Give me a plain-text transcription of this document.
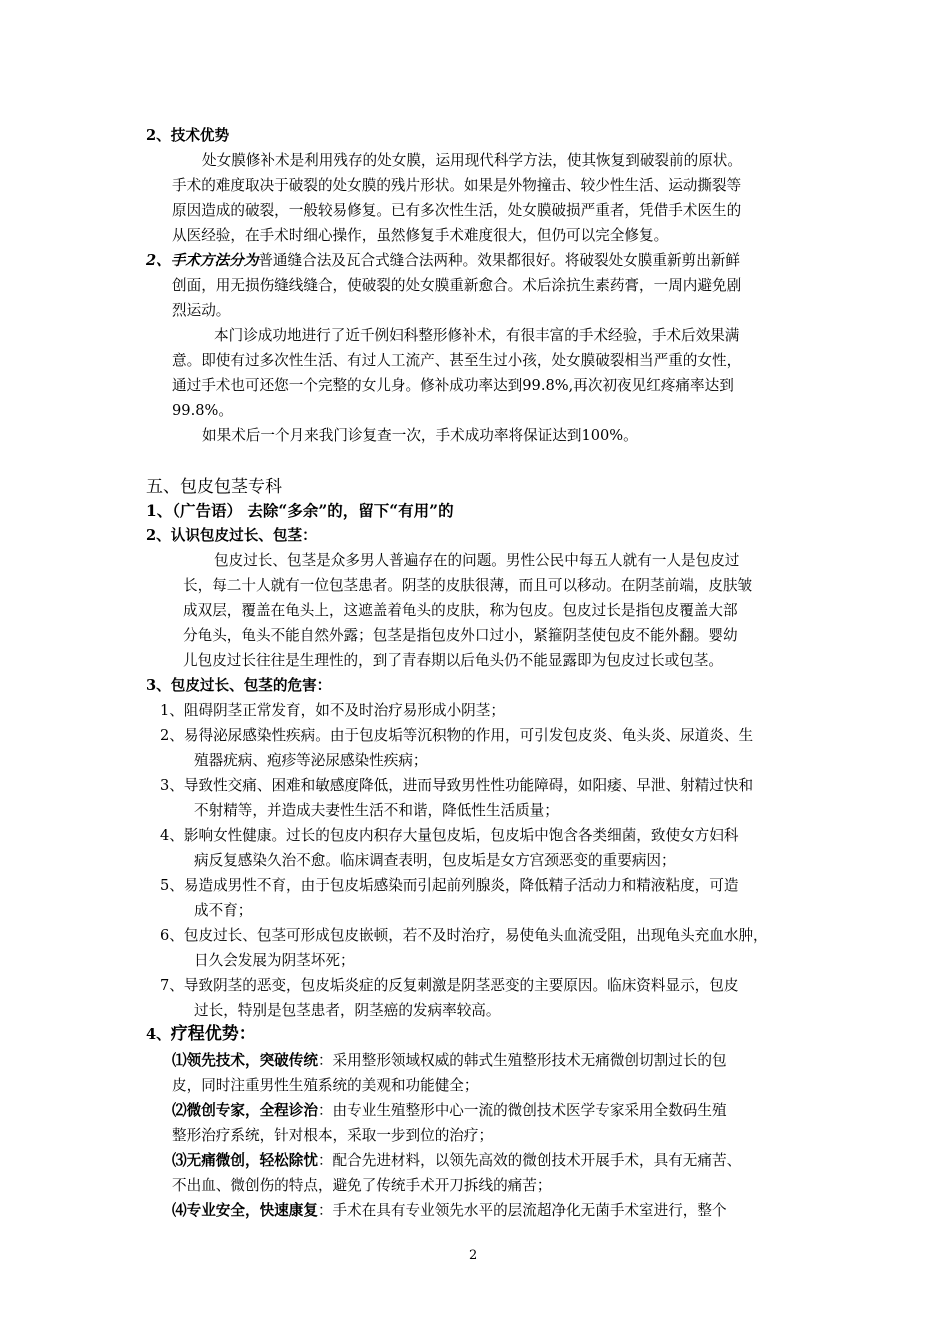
2、技术优势
处女膜修补术是利用残存的处女膜，运用现代科学方法，使其恢复到破裂前的原状。
手术的难度取决于破裂的处女膜的残片形状。如果是外物撞击、较少性生活、运动撕裂等
原因造成的破裂，一般较易修复。已有多次性生活，处女膜破损严重者，凭借手术医生的
从医经验，在手术时细心操作，虽然修复手术难度很大，但仍可以完全修复。
2、手术方法分为普通缝合法及瓦合式缝合法两种。效果都很好。将破裂处女膜重新剪出新鲜
创面，用无损伤缝线缝合，使破裂的处女膜重新愈合。术后涂抗生素药膏，一周内避免剧
烈运动。
本门诊成功地进行了近千例妇科整形修补术，有很丰富的手术经验，手术后效果满
意。即使有过多次性生活、有过人工流产、甚至生过小孩，处女膜破裂相当严重的女性，
通过手术也可还您一个完整的女儿身。修补成功率达到99.8%,再次初夜见红疼痛率达到
99.8%。
如果术后一个月来我门诊复查一次，手术成功率将保证达到100%。
五、包皮包茎专科
1、（广告语） 去除“多余”的，留下“有用”的
2、认识包皮过长、包茎：
包皮过长、包茎是众多男人普遍存在的问题。男性公民中每五人就有一人是包皮过
长，每二十人就有一位包茎患者。阴茎的皮肤很薄，而且可以移动。在阴茎前端，皮肤皱
成双层，覆盖在龟头上，这遮盖着龟头的皮肤，称为包皮。包皮过长是指包皮覆盖大部
分龟头，龟头不能自然外露；包茎是指包皮外口过小，紧箍阴茎使包皮不能外翻。婴幼
儿包皮过长往往是生理性的，到了青春期以后龟头仍不能显露即为包皮过长或包茎。
3、包皮过长、包茎的危害：
1、阻碍阴茎正常发育，如不及时治疗易形成小阴茎；
2、易得泌尿感染性疾病。由于包皮垢等沉积物的作用，可引发包皮炎、龟头炎、尿道炎、生
殖器疣病、疱疹等泌尿感染性疾病；
3、导致性交痛、困难和敏感度降低，进而导致男性性功能障碍，如阳痿、早泄、射精过快和
不射精等，并造成夫妻性生活不和谐，降低性生活质量；
4、影响女性健康。过长的包皮内积存大量包皮垢，包皮垢中饱含各类细菌，致使女方妇科
病反复感染久治不愈。临床调查表明，包皮垢是女方宫颈恶变的重要病因；
5、易造成男性不育，由于包皮垢感染而引起前列腺炎，降低精子活动力和精液粘度，可造
成不育；
6、包皮过长、包茎可形成包皮嵌顿，若不及时治疗，易使龟头血流受阻，出现龟头充血水肿，
日久会发展为阴茎坏死；
7、导致阴茎的恶变，包皮垢炎症的反复刺激是阴茎恶变的主要原因。临床资料显示，包皮
过长，特别是包茎患者，阴茎癌的发病率较高。
4、疗程优势：
⑴领先技术，突破传统：采用整形领域权威的韩式生殖整形技术无痛微创切割过长的包
皮，同时注重男性生殖系统的美观和功能健全；
⑵微创专家，全程诊治：由专业生殖整形中心一流的微创技术医学专家采用全数码生殖
整形治疗系统，针对根本，采取一步到位的治疗；
⑶无痛微创，轻松除忧：配合先进材料，以领先高效的微创技术开展手术，具有无痛苦、
不出血、微创伤的特点，避免了传统手术开刀拆线的痛苦；
⑷专业安全，快速康复：手术在具有专业领先水平的层流超净化无菌手术室进行，整个
2
